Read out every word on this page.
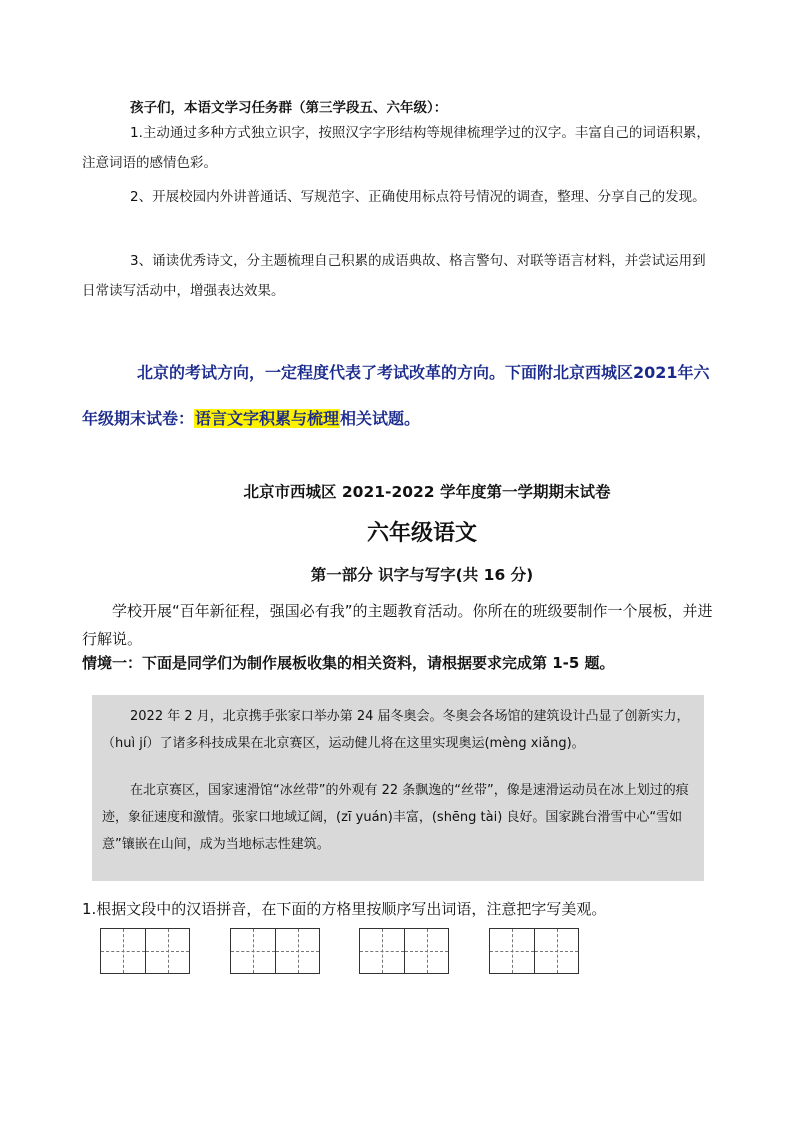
孩子们，本语文学习任务群（第三学段五、六年级）：
1.主动通过多种方式独立识字，按照汉字字形结构等规律梳理学过的汉字。丰富自己的词语积累，注意词语的感情色彩。
2、开展校园内外讲普通话、写规范字、正确使用标点符号情况的调查，整理、分享自己的发现。
3、诵读优秀诗文，分主题梳理自己积累的成语典故、格言警句、对联等语言材料，并尝试运用到日常读写活动中，增强表达效果。
北京的考试方向，一定程度代表了考试改革的方向。下面附北京西城区2021年六年级期末试卷：语言文字积累与梳理相关试题。
北京市西城区 2021-2022 学年度第一学期期末试卷
六年级语文
第一部分 识字与写字(共 16 分)
学校开展“百年新征程，强国必有我”的主题教育活动。你所在的班级要制作一个展板，并进行解说。
情境一：下面是同学们为制作展板收集的相关资料，请根据要求完成第 1-5 题。

2022 年 2 月，北京携手张家口举办第 24 届冬奥会。冬奥会各场馆的建筑设计凸显了创新实力，（huì jí）了诸多科技成果在北京赛区，运动健儿将在这里实现奥运(mèng xiǎng)。

在北京赛区，国家速滑馆“冰丝带”的外观有 22 条飘逸的“丝带”，像是速滑运动员在冰上划过的痕迹，象征速度和激情。张家口地域辽阔，(zī yuán)丰富，(shēng tài) 良好。国家跳台滑雪中心“雪如意”镶嵌在山间，成为当地标志性建筑。

1.根据文段中的汉语拼音，在下面的方格里按顺序写出词语，注意把字写美观。
